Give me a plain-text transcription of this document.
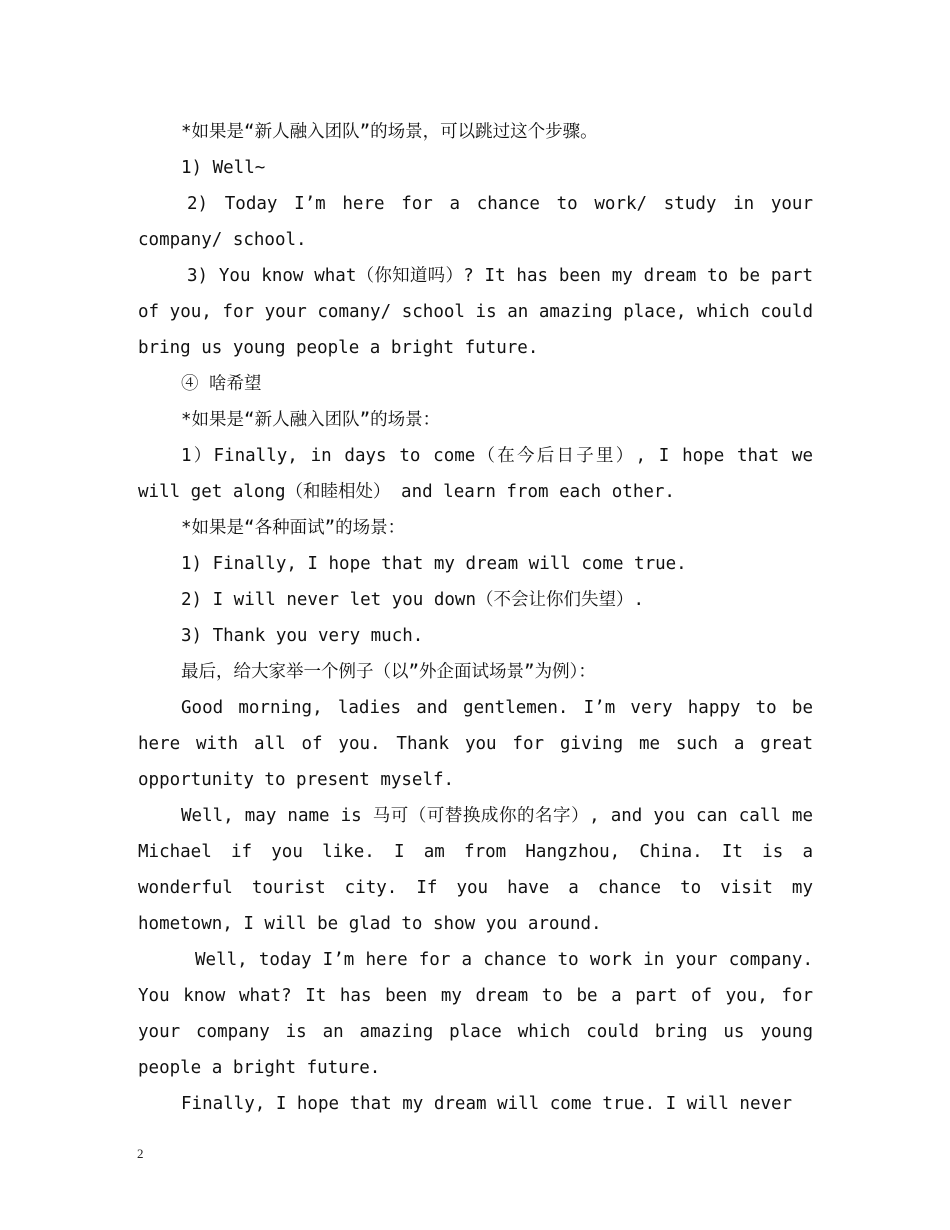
*如果是“新人融入团队”的场景，可以跳过这个步骤。

1) Well~

2) Today I’m here for a chance to work/ study in your company/ school.

3) You know what（你知道吗）? It has been my dream to be part of you, for your comany/ school is an amazing place, which could bring us young people a bright future.

④ 啥希望

*如果是“新人融入团队”的场景：

1）Finally, in days to come（在今后日子里）, I hope that we will get along（和睦相处） and learn from each other.

*如果是“各种面试”的场景：

1) Finally, I hope that my dream will come true.

2) I will never let you down（不会让你们失望）.

3) Thank you very much.

最后，给大家举一个例子（以”外企面试场景”为例）：

Good morning, ladies and gentlemen. I’m very happy to be here with all of you. Thank you for giving me such a great opportunity to present myself.

Well, may name is 马可（可替换成你的名字）, and you can call me Michael if you like. I am from Hangzhou, China. It is a wonderful tourist city. If you have a chance to visit my hometown, I will be glad to show you around.

Well, today I’m here for a chance to work in your company. You know what? It has been my dream to be a part of you, for your company is an amazing place which could bring us young people a bright future.

Finally, I hope that my dream will come true. I will never

2
